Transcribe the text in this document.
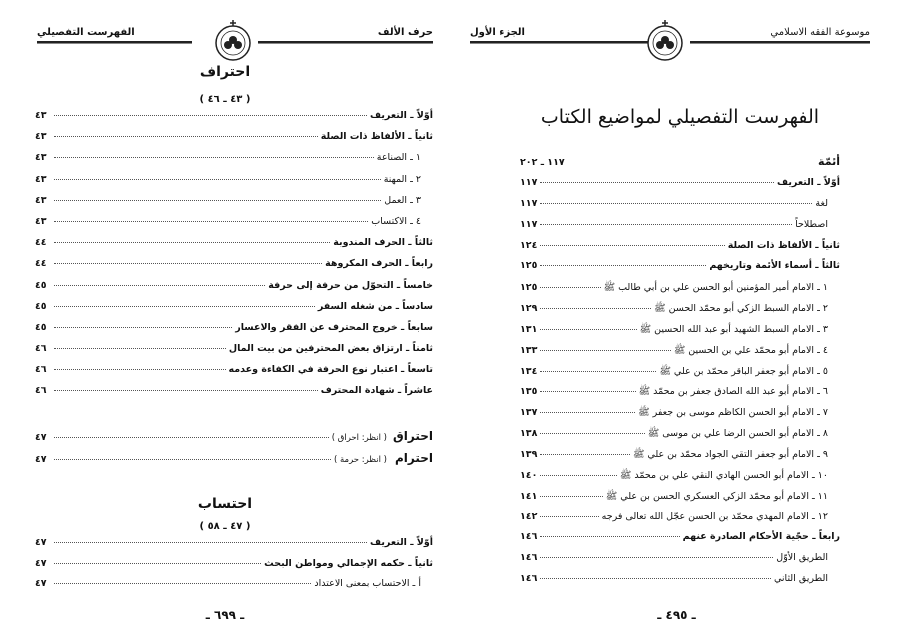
حرف الألف
الفهرست التفصيلي
احتراف
( ٤٣ ـ ٤٦ )
أوّلاً ـ التعريف
٤٣
ثانياً ـ الألفاظ ذات الصلة
٤٣
١ ـ الصناعة
٤٣
٢ ـ المهنة
٤٣
٣ ـ العمل
٤٣
٤ ـ الاكتساب
٤٣
ثالثاً ـ الحرف المندوبة
٤٤
رابعاً ـ الحرف المكروهة
٤٤
خامساً ـ التحوّل من حرفة إلى حرفة
٤٥
سادساً ـ من شغله السفر
٤٥
سابعاً ـ خروج المحترف عن الفقر والاعسار
٤٥
ثامناً ـ ارتزاق بعض المحترفين من بيت المال
٤٦
تاسعاً ـ اعتبار نوع الحرفة في الكفاءة وعدمه
٤٦
عاشراً ـ شهادة المحترف
٤٦
احتراق
( انظر: احراق )
٤٧
احترام
( انظر: حرمة )
٤٧
احتساب
( ٤٧ ـ ٥٨ )
أوّلاً ـ التعريف
٤٧
ثانياً ـ حكمه الإجمالي ومواطن البحث
٤٧
أ ـ الاحتساب بمعنى الاعتداد
٤٧
ـ ٦٩٩ ـ
موسوعة الفقه الاسلامي
الجزء الأول
الفهرست التفصيلي لمواضيع الكتاب
أئمّة
١١٧ ـ ٢٠٢
أوّلاً ـ التعريف
١١٧
لغة
١١٧
اصطلاحاً
١١٧
ثانياً ـ الألفاظ ذات الصلة
١٢٤
ثالثاً ـ أسماء الأئمة وتاريخهم
١٢٥
١ ـ الامام أمير المؤمنين أبو الحسن علي بن أبي طالب ﷺ
١٢٥
٢ ـ الامام السبط الزكي أبو محمّد الحسن ﷺ
١٢٩
٣ ـ الامام السبط الشهيد أبو عبد الله الحسين ﷺ
١٣١
٤ ـ الامام أبو محمّد علي بن الحسين ﷺ
١٣٣
٥ ـ الامام أبو جعفر الباقر محمّد بن علي ﷺ
١٣٤
٦ ـ الامام أبو عبد الله الصادق جعفر بن محمّد ﷺ
١٣٥
٧ ـ الامام أبو الحسن الكاظم موسى بن جعفر ﷺ
١٣٧
٨ ـ الامام أبو الحسن الرضا علي بن موسى ﷺ
١٣٨
٩ ـ الامام أبو جعفر التقي الجواد محمّد بن علي ﷺ
١٣٩
١٠ ـ الامام أبو الحسن الهادي النقي علي بن محمّد ﷺ
١٤٠
١١ ـ الامام أبو محمّد الزكي العسكري الحسن بن علي ﷺ
١٤١
١٢ ـ الامام المهدي محمّد بن الحسن عجّل الله تعالى فرجه
١٤٢
رابعاً ـ حجّية الأحكام الصادرة عنهم
١٤٦
الطريق الأوّل
١٤٦
الطريق الثاني
١٤٦
ـ ٤٩٥ ـ
